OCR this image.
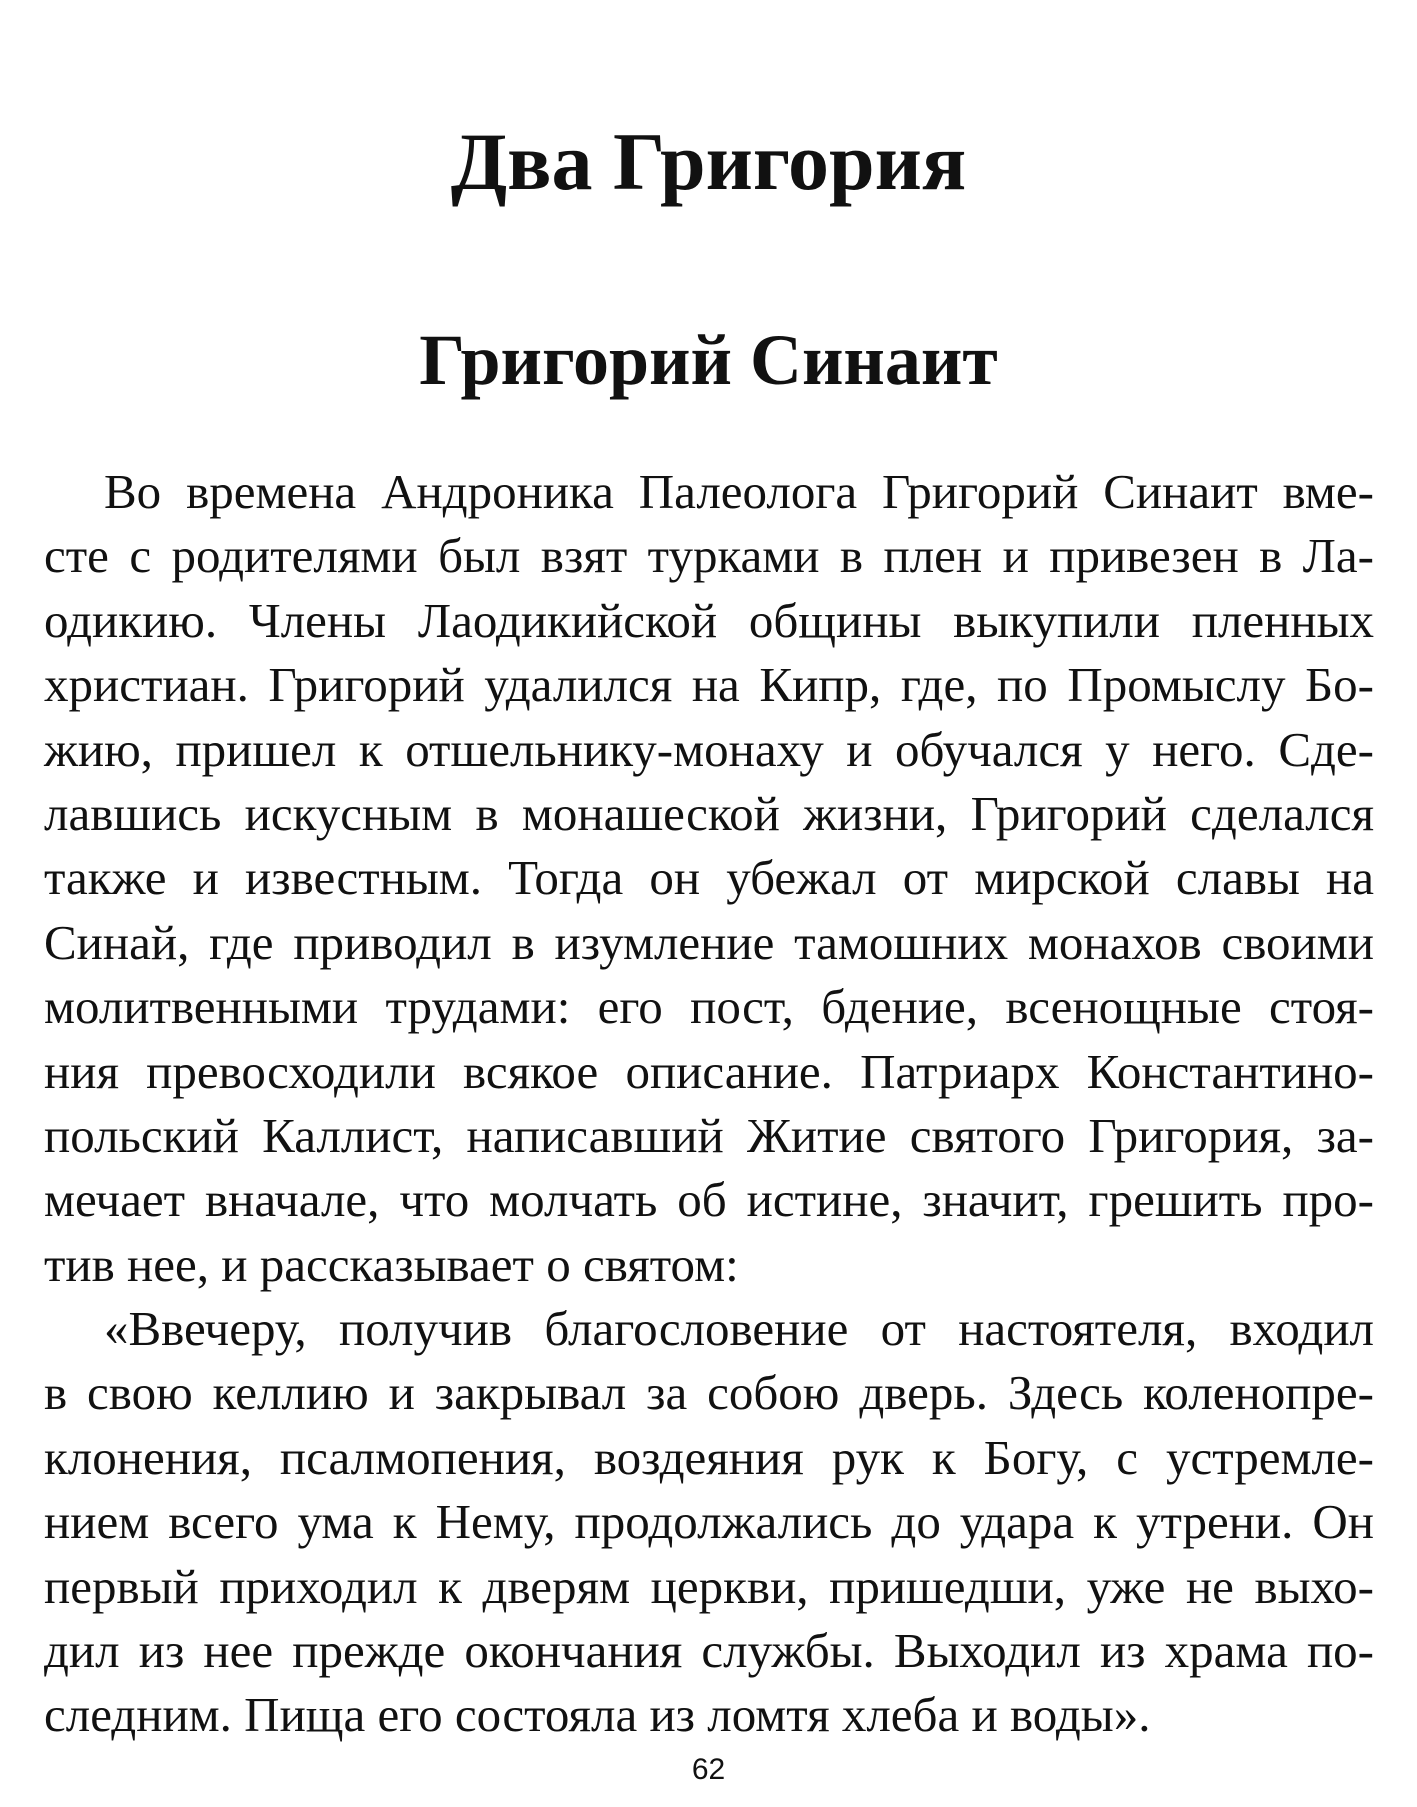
Два Григория
Григорий Синаит
Во времена Андроника Палеолога Григорий Синаит вме-
сте с родителями был взят турками в плен и привезен в Ла-
одикию. Члены Лаодикийской общины выкупили пленных
христиан. Григорий удалился на Кипр, где, по Промыслу Бо-
жию, пришел к отшельнику-монаху и обучался у него. Сде-
лавшись искусным в монашеской жизни, Григорий сделался
также и известным. Тогда он убежал от мирской славы на
Синай, где приводил в изумление тамошних монахов своими
молитвенными трудами: его пост, бдение, всенощные стоя-
ния превосходили всякое описание. Патриарх Константино-
польский Каллист, написавший Житие святого Григория, за-
мечает вначале, что молчать об истине, значит, грешить про-
тив нее, и рассказывает о святом:
«Ввечеру, получив благословение от настоятеля, входил
в свою келлию и закрывал за собою дверь. Здесь коленопре-
клонения, псалмопения, воздеяния рук к Богу, с устремле-
нием всего ума к Нему, продолжались до удара к утрени. Он
первый приходил к дверям церкви, пришедши, уже не выхо-
дил из нее прежде окончания службы. Выходил из храма по-
следним. Пища его состояла из ломтя хлеба и воды».
62
